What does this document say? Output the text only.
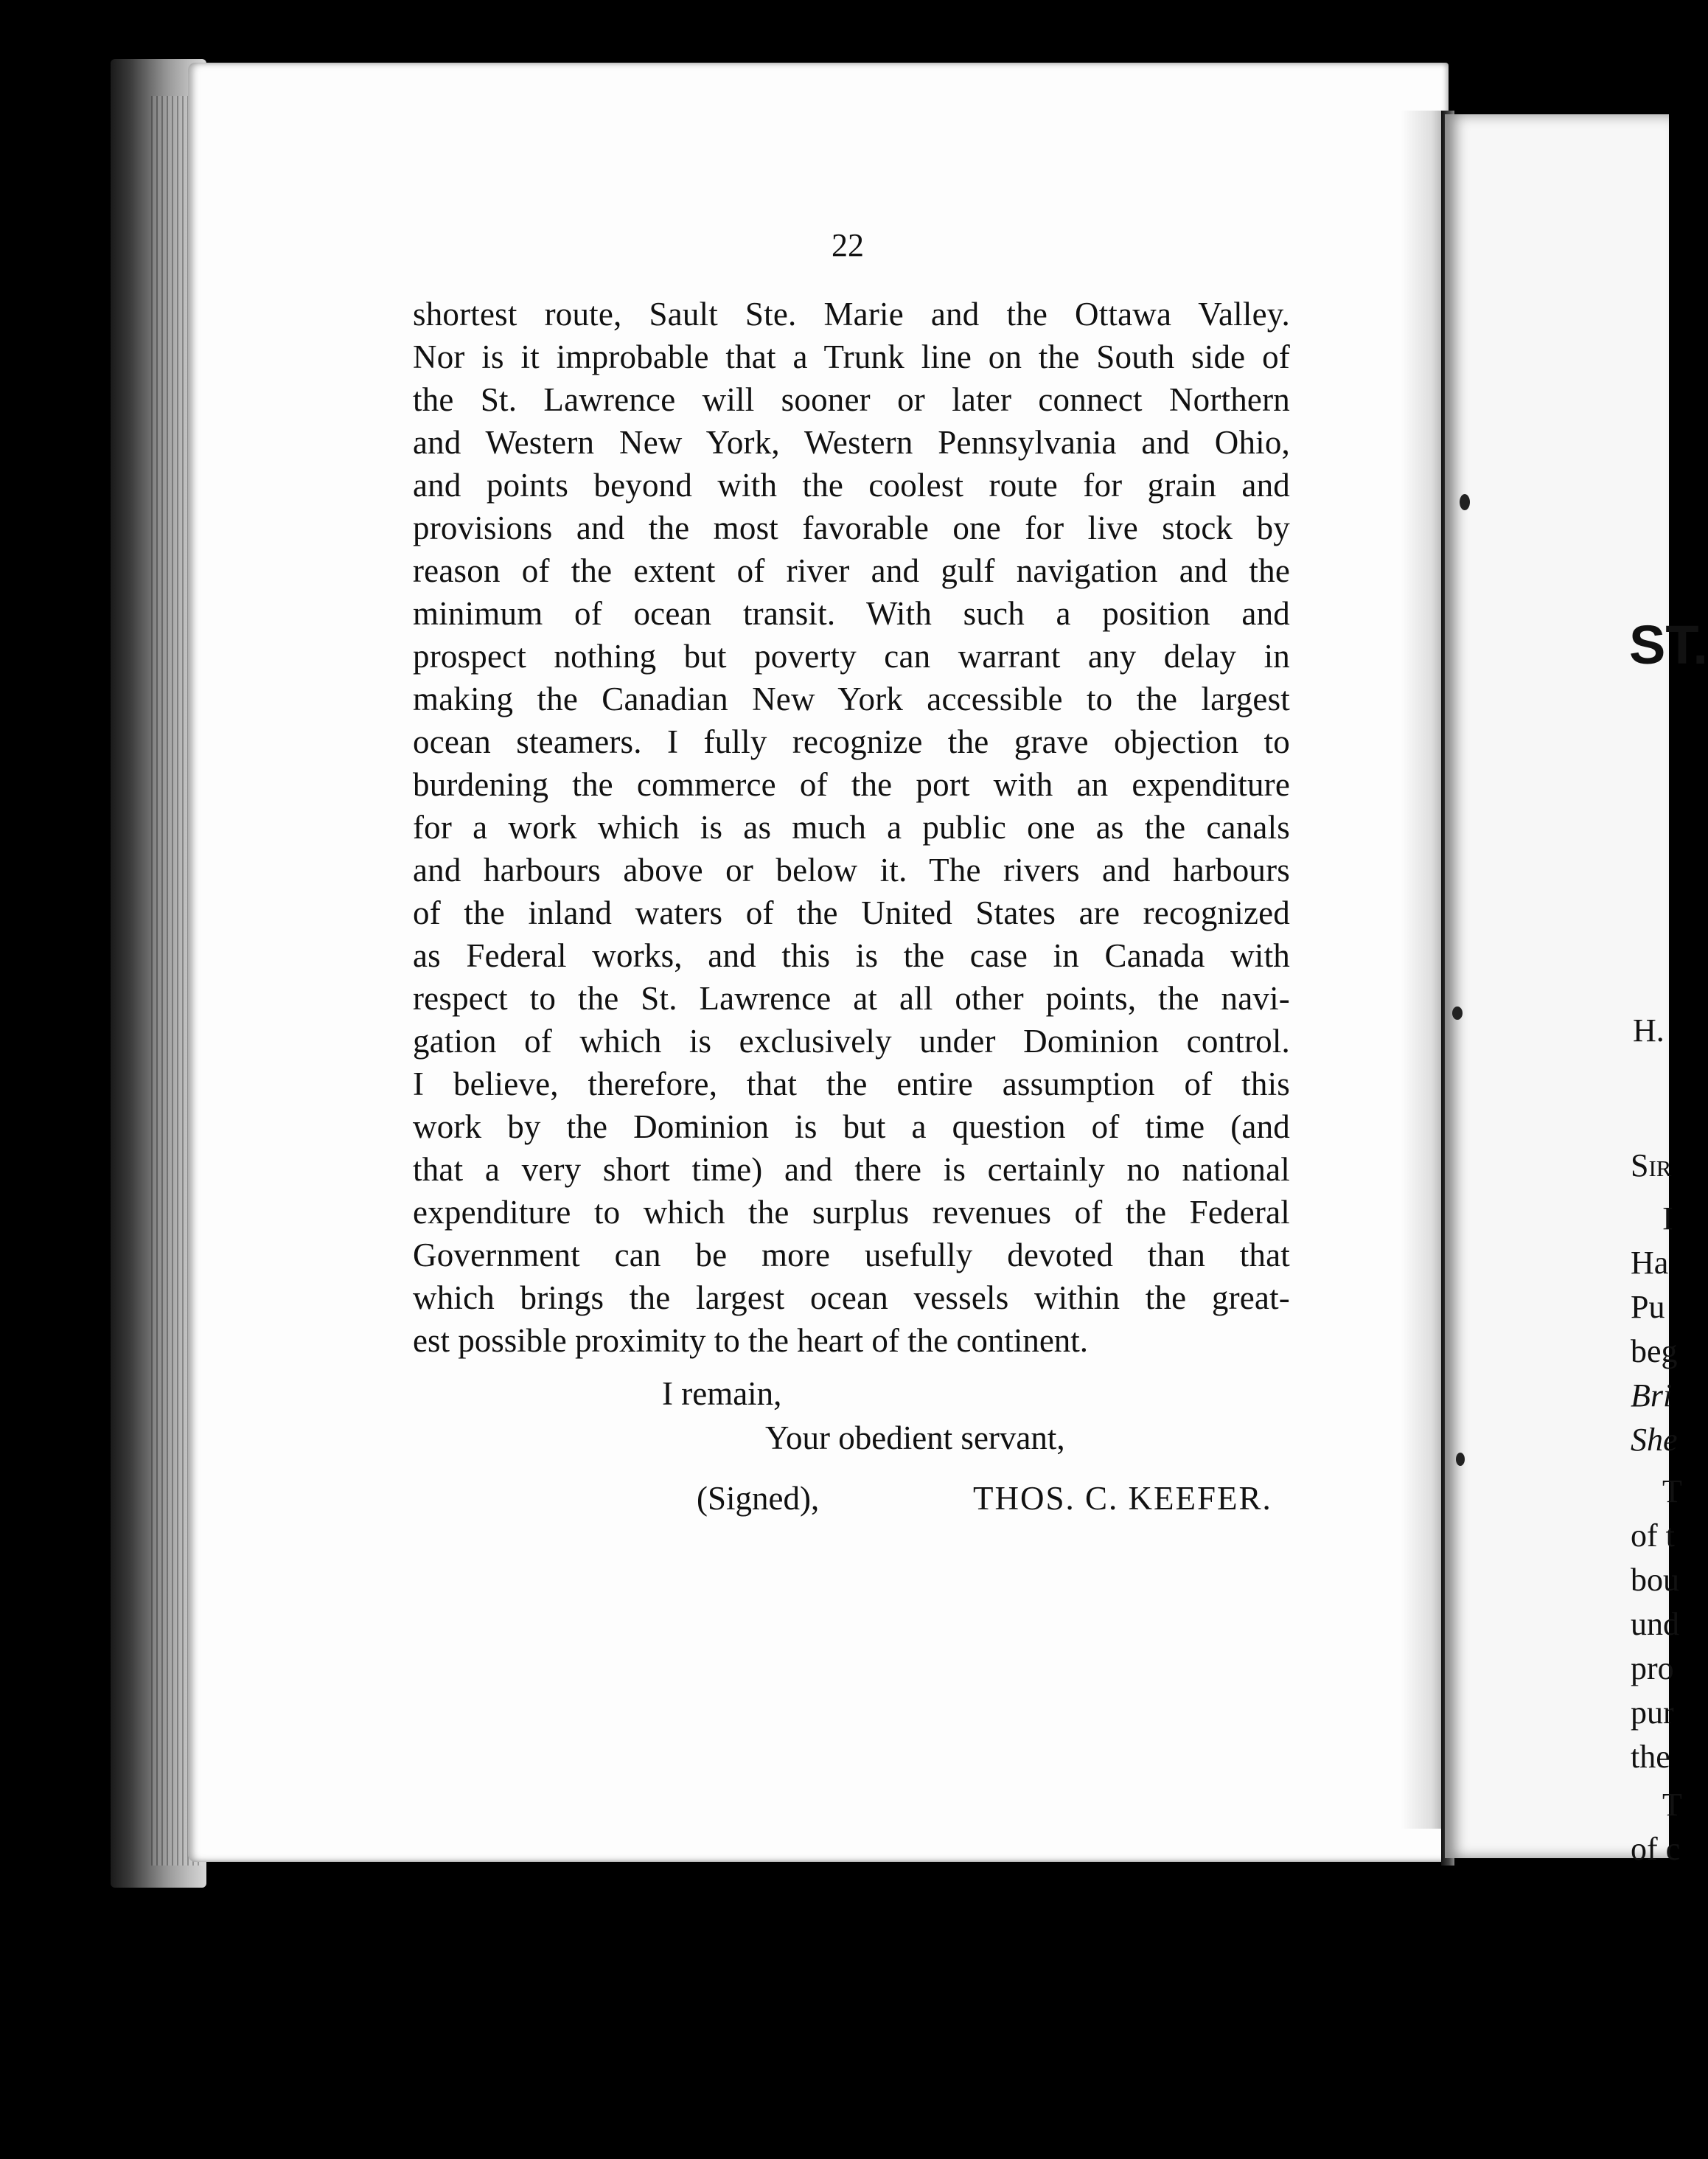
22
shortest route, Sault Ste. Marie and the Ottawa Valley.
Nor is it improbable that a Trunk line on the South side of
the St. Lawrence will sooner or later connect Northern
and Western New York, Western Pennsylvania and Ohio,
and points beyond with the coolest route for grain and
provisions and the most favorable one for live stock by
reason of the extent of river and gulf navigation and the
minimum of ocean transit. With such a position and
prospect nothing but poverty can warrant any delay in
making the Canadian New York accessible to the largest
ocean steamers. I fully recognize the grave objection to
burdening the commerce of the port with an expenditure
for a work which is as much a public one as the canals
and harbours above or below it. The rivers and harbours
of the inland waters of the United States are recognized
as Federal works, and this is the case in Canada with
respect to the St. Lawrence at all other points, the navi-
gation of which is exclusively under Dominion control.
I believe, therefore, that the entire assumption of this
work by the Dominion is but a question of time (and
that a very short time) and there is certainly no national
expenditure to which the surplus revenues of the Federal
Government can be more usefully devoted than that
which brings the largest ocean vessels within the great-
est possible proximity to the heart of the continent.
I remain,
Your obedient servant,
(Signed),	THOS. C. KEEFER.
ST.
H.
Sir
I
Ha
Pu
beg
Bri
She
T
of t
bou
und
pro
pur
the
T
of c
